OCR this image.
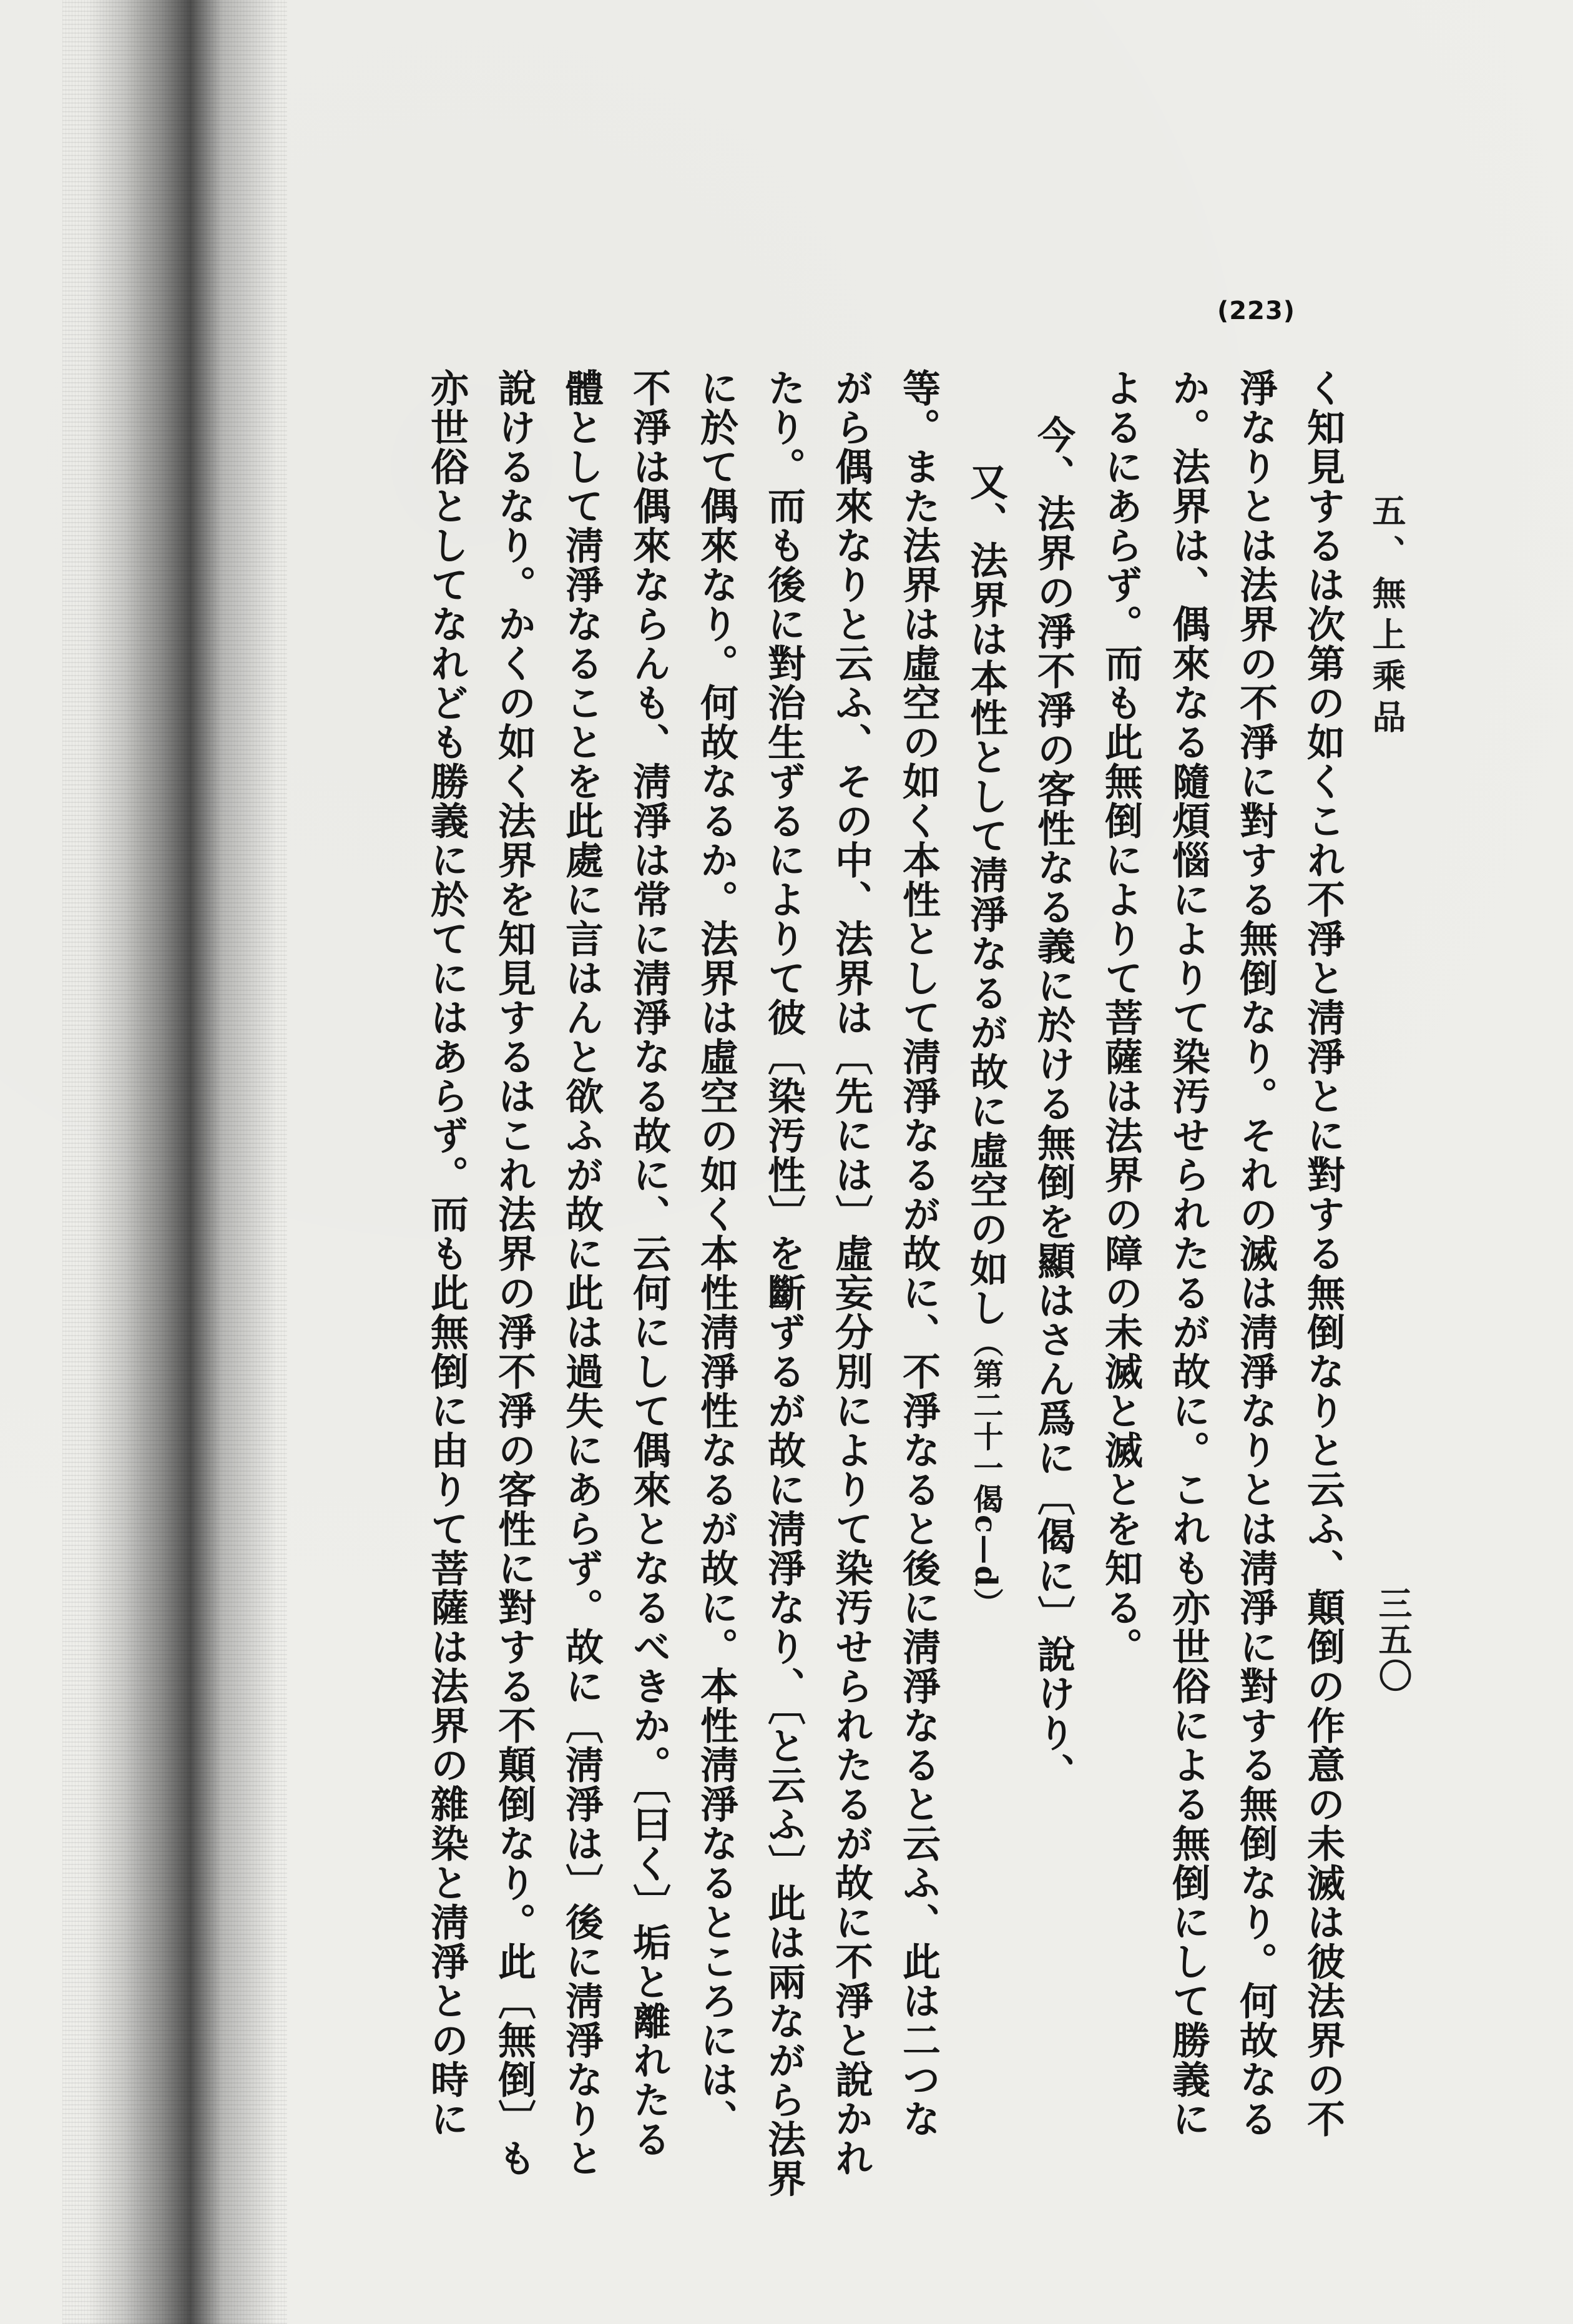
(223)
五、無上乘品
三五〇
く知見するは次第の如くこれ不淨と淸淨とに對する無倒なりと云ふ、顛倒の作意の未滅は彼法界の不
淨なりとは法界の不淨に對する無倒なり。それの滅は淸淨なりとは淸淨に對する無倒なり。何故なる
か。法界は、偶來なる隨煩惱によりて染汚せられたるが故に。これも亦世俗による無倒にして勝義に
よるにあらず。而も此無倒によりて菩薩は法界の障の未滅と滅とを知る。
今、法界の淨不淨の客性なる義に於ける無倒を顯はさん爲に〔偈に〕說けり、
又、法界は本性として淸淨なるが故に虛空の如し（第二十一偈c—d）
等。また法界は虛空の如く本性として淸淨なるが故に、不淨なると後に淸淨なると云ふ、此は二つな
がら偶來なりと云ふ、その中、法界は〔先には〕虛妄分別によりて染汚せられたるが故に不淨と說かれ
たり。而も後に對治生ずるによりて彼〔染汚性〕を斷ずるが故に淸淨なり、〔と云ふ〕此は兩ながら法界
に於て偶來なり。何故なるか。法界は虛空の如く本性淸淨性なるが故に。本性淸淨なるところには、
不淨は偶來ならんも、淸淨は常に淸淨なる故に、云何にして偶來となるべきか。〔曰く〕垢と離れたる
體として淸淨なることを此處に言はんと欲ふが故に此は過失にあらず。故に〔淸淨は〕後に淸淨なりと
說けるなり。かくの如く法界を知見するはこれ法界の淨不淨の客性に對する不顛倒なり。此〔無倒〕も
亦世俗としてなれども勝義に於てにはあらず。而も此無倒に由りて菩薩は法界の雜染と淸淨との時に
